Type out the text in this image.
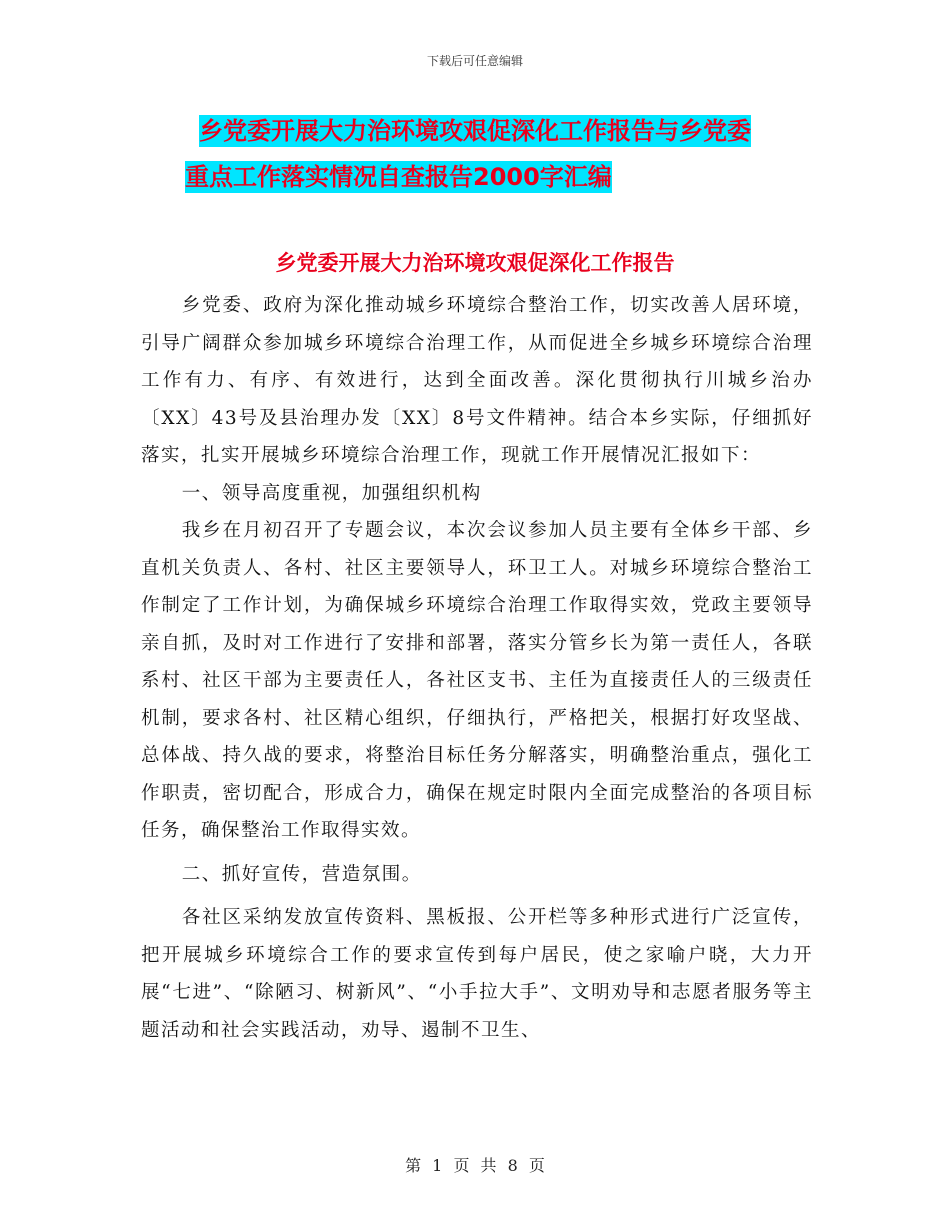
下载后可任意编辑
乡党委开展大力治环境攻艰促深化工作报告与乡党委
重点工作落实情况自查报告2000字汇编
乡党委开展大力治环境攻艰促深化工作报告

乡党委、政府为深化推动城乡环境综合整治工作，切实改善人居环境，引导广阔群众参加城乡环境综合治理工作，从而促进全乡城乡环境综合治理工作有力、有序、有效进行，达到全面改善。深化贯彻执行川城乡治办〔XX〕43号及县治理办发〔XX〕8号文件精神。结合本乡实际，仔细抓好落实，扎实开展城乡环境综合治理工作，现就工作开展情况汇报如下：

一、领导高度重视，加强组织机构

我乡在月初召开了专题会议，本次会议参加人员主要有全体乡干部、乡直机关负责人、各村、社区主要领导人，环卫工人。对城乡环境综合整治工作制定了工作计划，为确保城乡环境综合治理工作取得实效，党政主要领导亲自抓，及时对工作进行了安排和部署，落实分管乡长为第一责任人，各联系村、社区干部为主要责任人，各社区支书、主任为直接责任人的三级责任机制，要求各村、社区精心组织，仔细执行，严格把关，根据打好攻坚战、总体战、持久战的要求，将整治目标任务分解落实，明确整治重点，强化工作职责，密切配合，形成合力，确保在规定时限内全面完成整治的各项目标任务，确保整治工作取得实效。

二、抓好宣传，营造氛围。

各社区采纳发放宣传资料、黑板报、公开栏等多种形式进行广泛宣传，把开展城乡环境综合工作的要求宣传到每户居民，使之家喻户晓，大力开展“七进”、“除陋习、树新风”、“小手拉大手”、文明劝导和志愿者服务等主题活动和社会实践活动，劝导、遏制不卫生、

第 1 页 共 8 页
